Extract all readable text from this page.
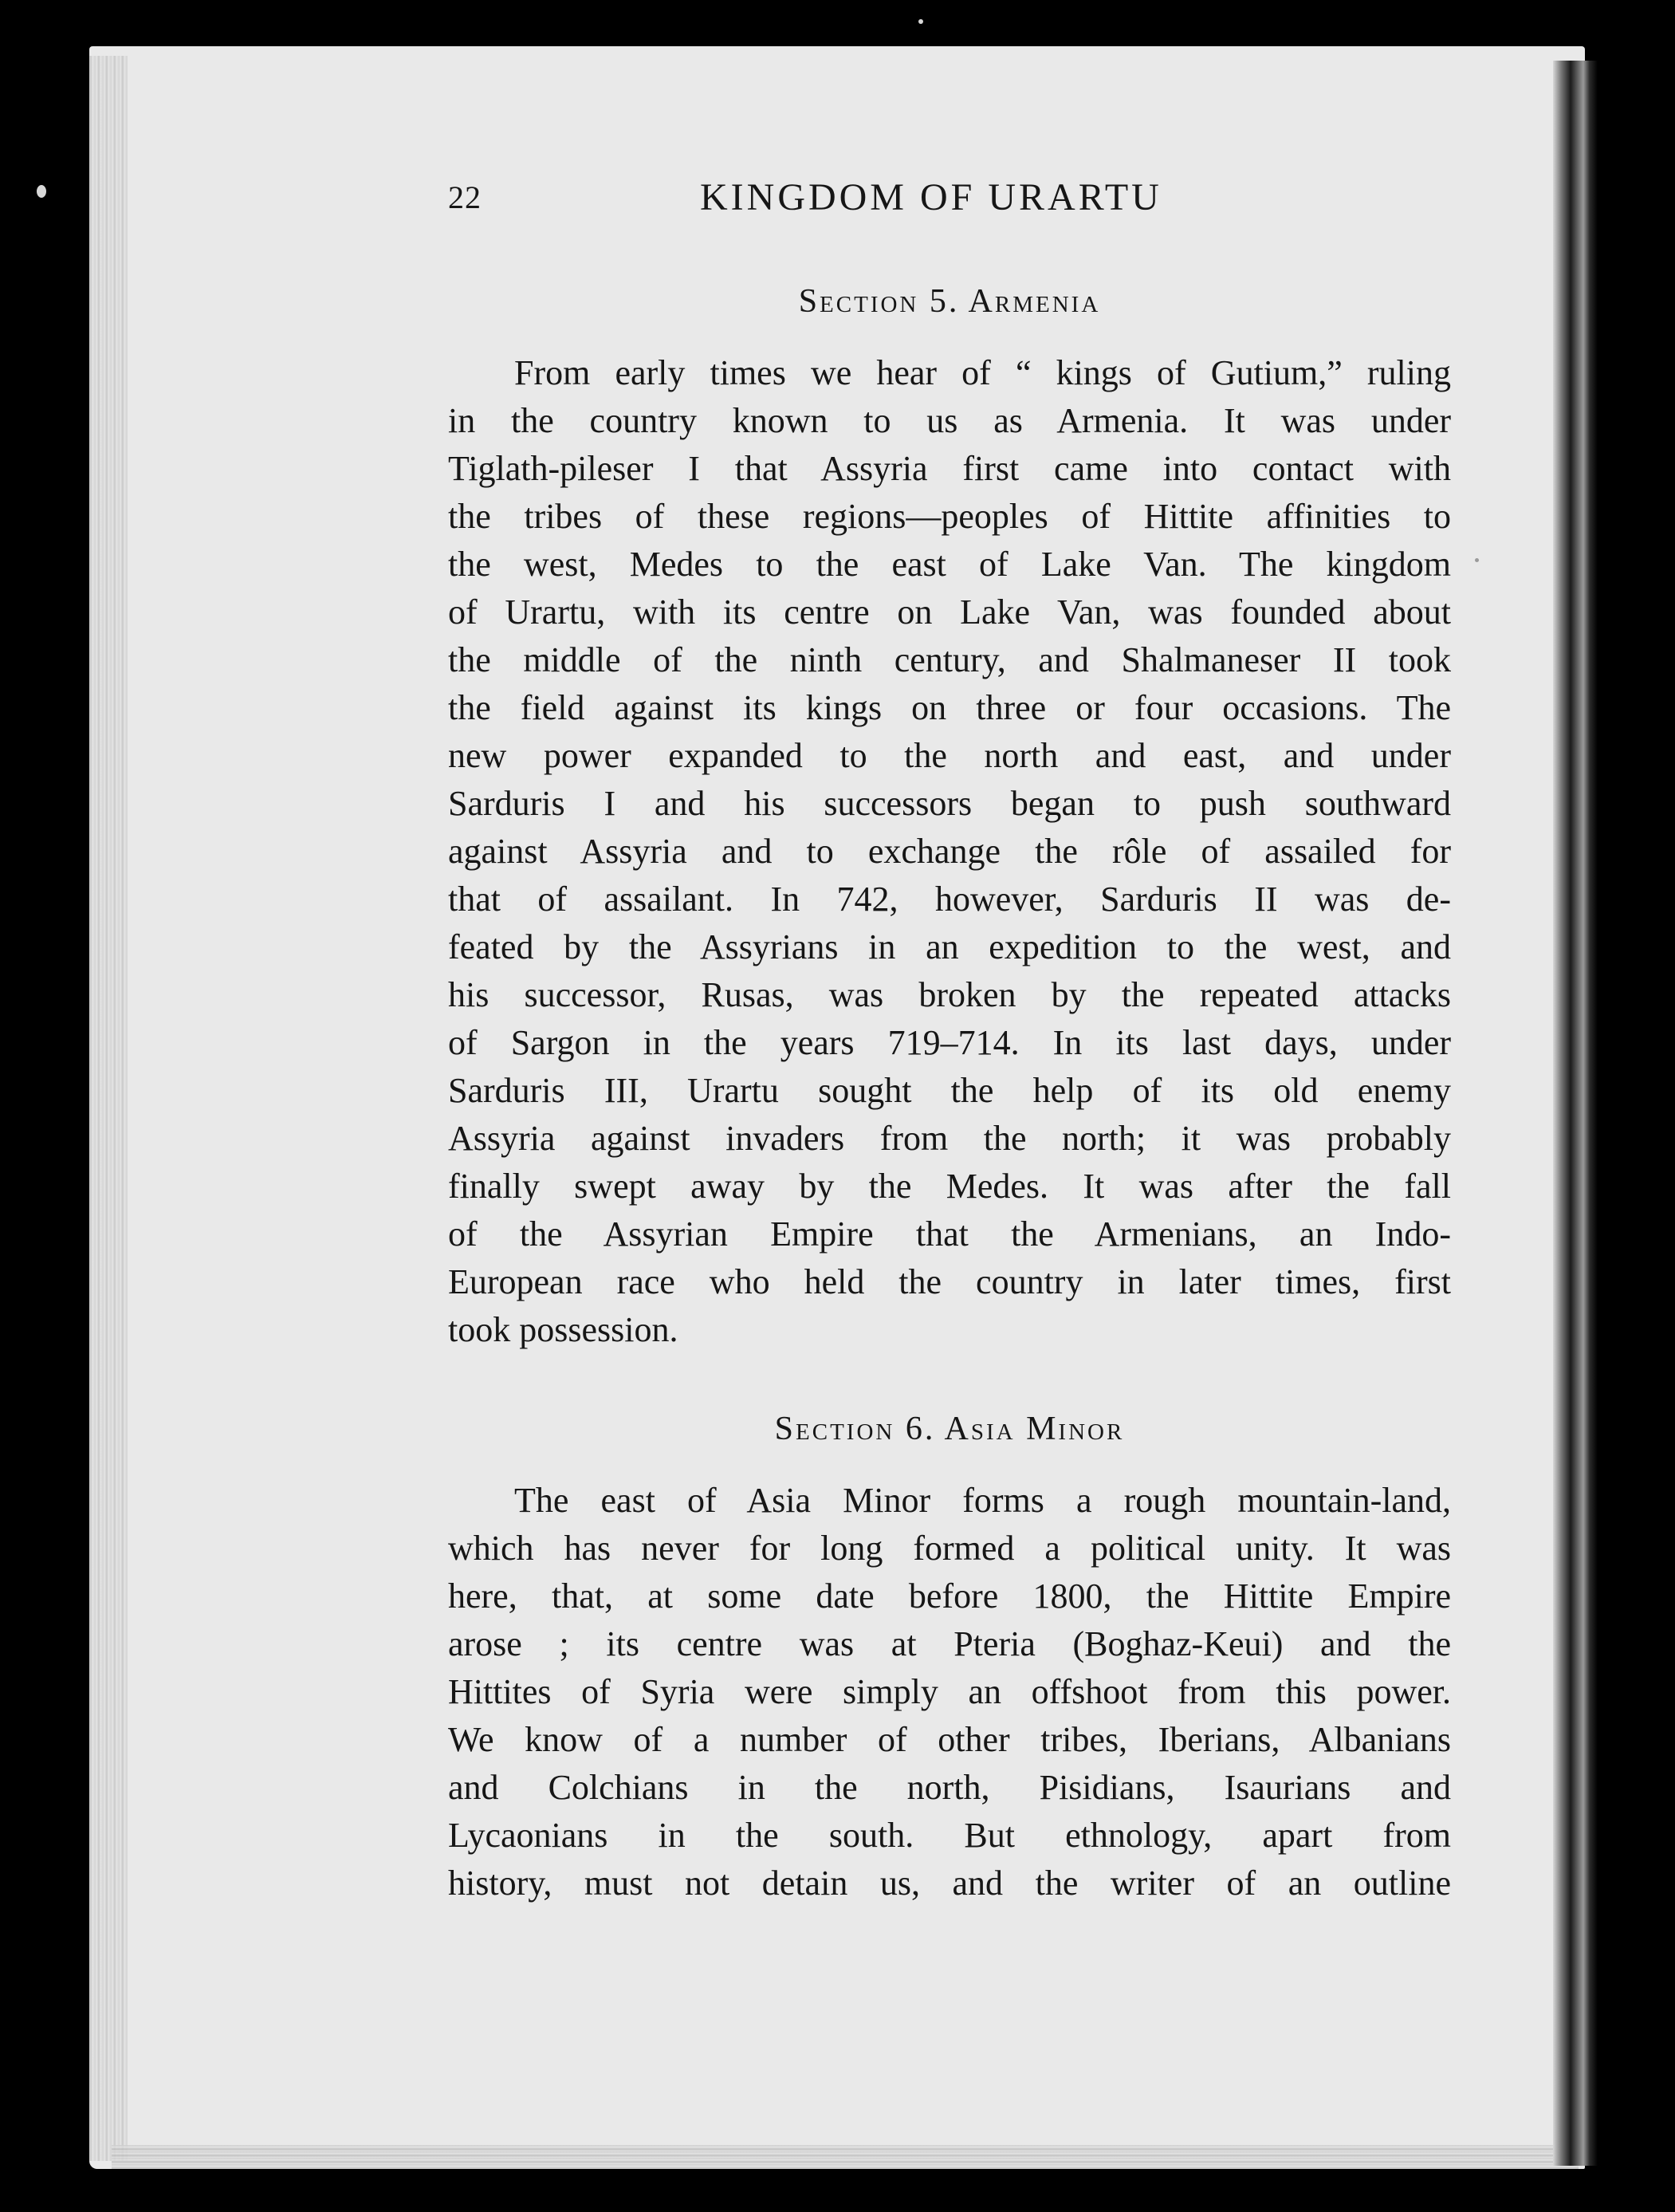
22	KINGDOM OF URARTU
Section 5. Armenia
From early times we hear of “ kings of Gutium,” ruling
in the country known to us as Armenia. It was under
Tiglath-pileser I that Assyria first came into contact with
the tribes of these regions—peoples of Hittite affinities to
the west, Medes to the east of Lake Van. The kingdom
of Urartu, with its centre on Lake Van, was founded about
the middle of the ninth century, and Shalmaneser II took
the field against its kings on three or four occasions. The
new power expanded to the north and east, and under
Sarduris I and his successors began to push southward
against Assyria and to exchange the rôle of assailed for
that of assailant. In 742, however, Sarduris II was de-
feated by the Assyrians in an expedition to the west, and
his successor, Rusas, was broken by the repeated attacks
of Sargon in the years 719–714. In its last days, under
Sarduris III, Urartu sought the help of its old enemy
Assyria against invaders from the north; it was probably
finally swept away by the Medes. It was after the fall
of the Assyrian Empire that the Armenians, an Indo-
European race who held the country in later times, first
took possession.
Section 6. Asia Minor
The east of Asia Minor forms a rough mountain-land,
which has never for long formed a political unity. It was
here, that, at some date before 1800, the Hittite Empire
arose ; its centre was at Pteria (Boghaz-Keui) and the
Hittites of Syria were simply an offshoot from this power.
We know of a number of other tribes, Iberians, Albanians
and Colchians in the north, Pisidians, Isaurians and
Lycaonians in the south. But ethnology, apart from
history, must not detain us, and the writer of an outline
